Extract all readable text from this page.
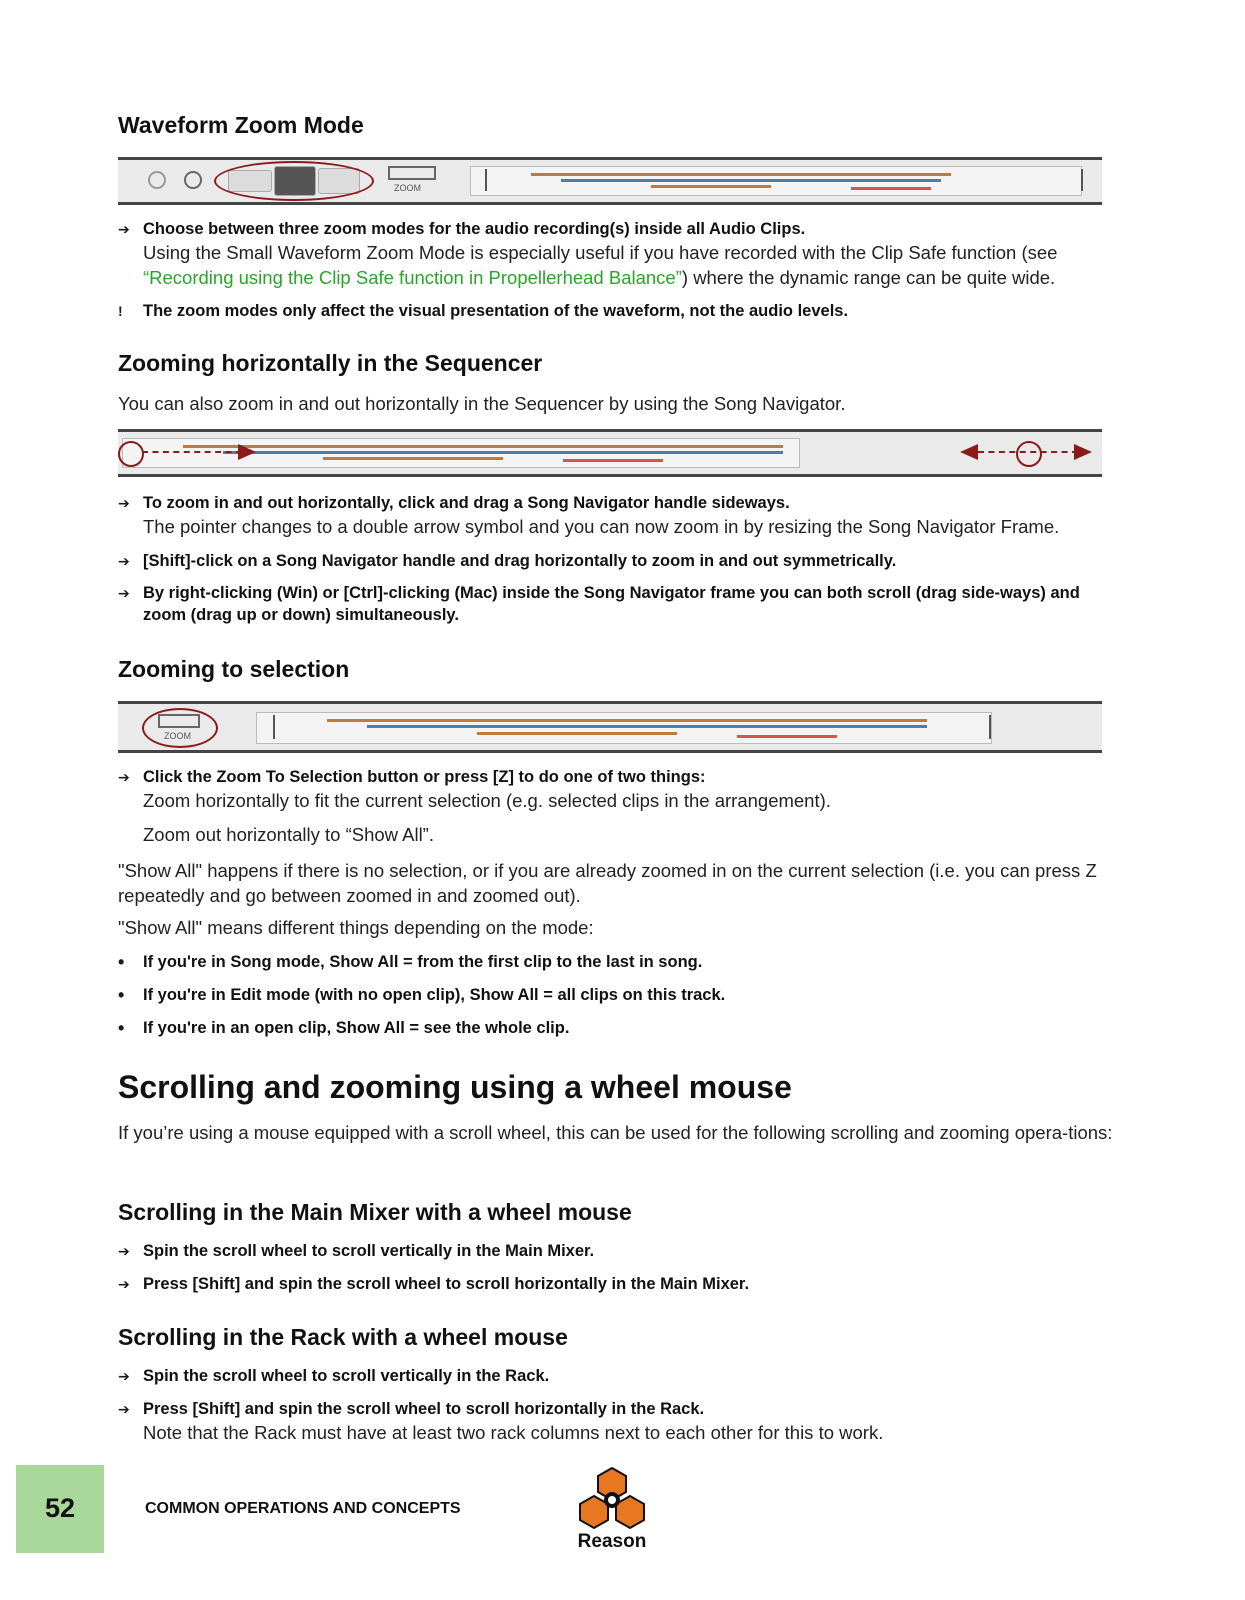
Waveform Zoom Mode
ZOOM
➔ Choose between three zoom modes for the audio recording(s) inside all Audio Clips.
Using the Small Waveform Zoom Mode is especially useful if you have recorded with the Clip Safe function (see “Recording using the Clip Safe function in Propellerhead Balance”) where the dynamic range can be quite wide.
!	The zoom modes only affect the visual presentation of the waveform, not the audio levels.
Zooming horizontally in the Sequencer
You can also zoom in and out horizontally in the Sequencer by using the Song Navigator.
➔ To zoom in and out horizontally, click and drag a Song Navigator handle sideways.
The pointer changes to a double arrow symbol and you can now zoom in by resizing the Song Navigator Frame.
➔ [Shift]-click on a Song Navigator handle and drag horizontally to zoom in and out symmetrically.
➔ By right-clicking (Win) or [Ctrl]-clicking (Mac) inside the Song Navigator frame you can both scroll (drag side-ways) and zoom (drag up or down) simultaneously.
Zooming to selection
ZOOM
➔ Click the Zoom To Selection button or press [Z] to do one of two things:
Zoom horizontally to fit the current selection (e.g. selected clips in the arrangement).
Zoom out horizontally to “Show All”.
"Show All" happens if there is no selection, or if you are already zoomed in on the current selection (i.e. you can press Z repeatedly and go between zoomed in and zoomed out).
"Show All" means different things depending on the mode:
•	If you're in Song mode, Show All = from the first clip to the last in song.
•	If you're in Edit mode (with no open clip), Show All = all clips on this track.
•	If you're in an open clip, Show All = see the whole clip.
Scrolling and zooming using a wheel mouse
If you’re using a mouse equipped with a scroll wheel, this can be used for the following scrolling and zooming opera-tions:
Scrolling in the Main Mixer with a wheel mouse
➔ Spin the scroll wheel to scroll vertically in the Main Mixer.
➔ Press [Shift] and spin the scroll wheel to scroll horizontally in the Main Mixer.
Scrolling in the Rack with a wheel mouse
➔ Spin the scroll wheel to scroll vertically in the Rack.
➔ Press [Shift] and spin the scroll wheel to scroll horizontally in the Rack.
Note that the Rack must have at least two rack columns next to each other for this to work.
52	COMMON OPERATIONS AND CONCEPTS
Reason
